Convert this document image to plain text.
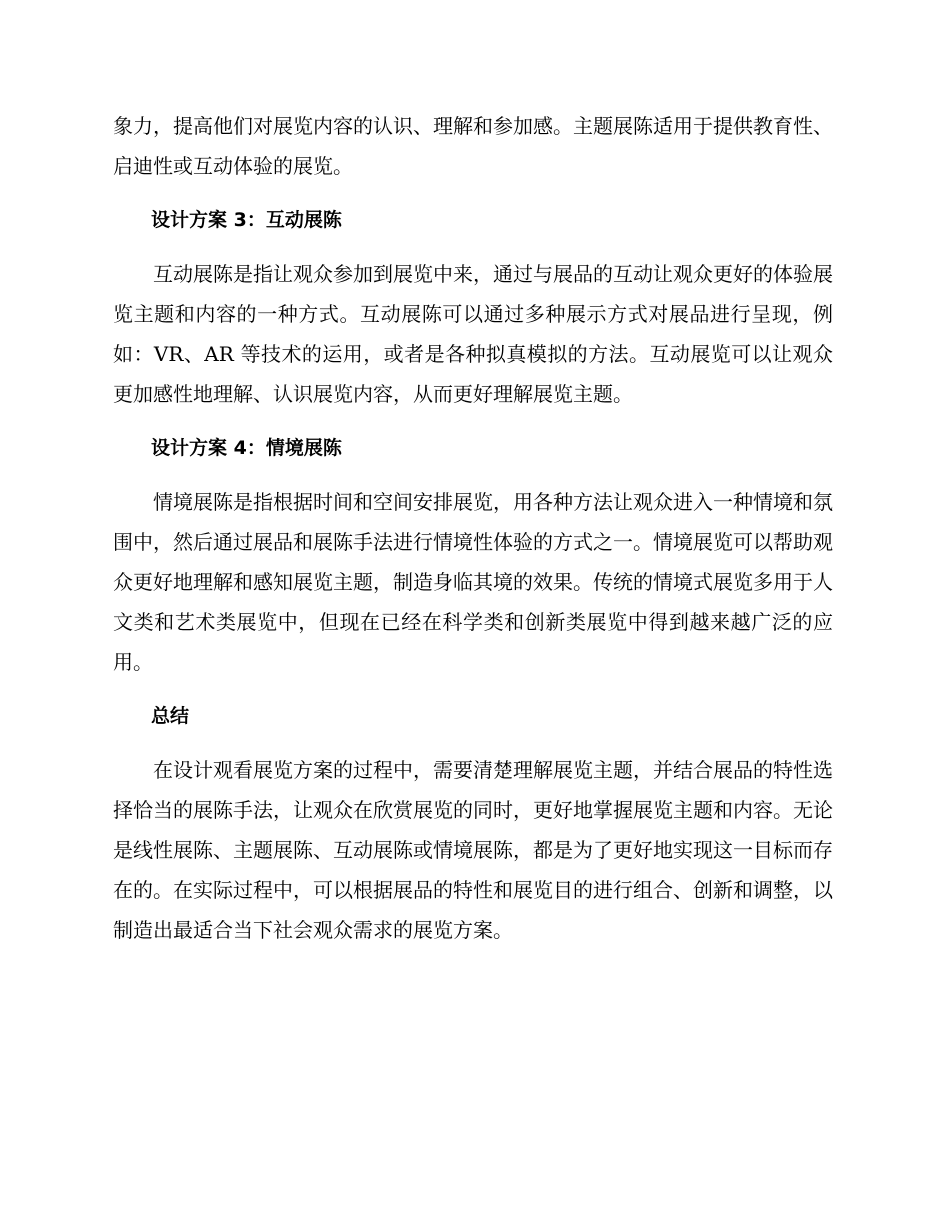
象力，提高他们对展览内容的认识、理解和参加感。主题展陈适用于提供教育性、启迪性或互动体验的展览。

设计方案 3：互动展陈

互动展陈是指让观众参加到展览中来，通过与展品的互动让观众更好的体验展览主题和内容的一种方式。互动展陈可以通过多种展示方式对展品进行呈现，例如：VR、AR 等技术的运用，或者是各种拟真模拟的方法。互动展览可以让观众更加感性地理解、认识展览内容，从而更好理解展览主题。

设计方案 4：情境展陈

情境展陈是指根据时间和空间安排展览，用各种方法让观众进入一种情境和氛围中，然后通过展品和展陈手法进行情境性体验的方式之一。情境展览可以帮助观众更好地理解和感知展览主题，制造身临其境的效果。传统的情境式展览多用于人文类和艺术类展览中，但现在已经在科学类和创新类展览中得到越来越广泛的应用。

总结

在设计观看展览方案的过程中，需要清楚理解展览主题，并结合展品的特性选择恰当的展陈手法，让观众在欣赏展览的同时，更好地掌握展览主题和内容。无论是线性展陈、主题展陈、互动展陈或情境展陈，都是为了更好地实现这一目标而存在的。在实际过程中，可以根据展品的特性和展览目的进行组合、创新和调整，以制造出最适合当下社会观众需求的展览方案。
